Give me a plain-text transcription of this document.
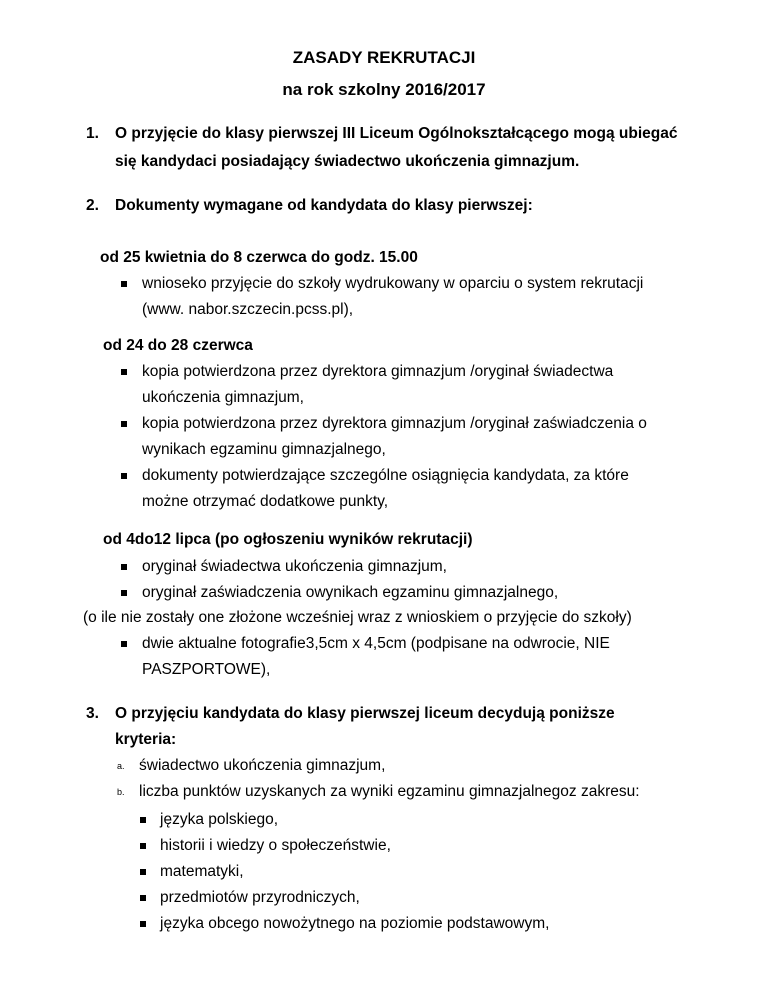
ZASADY REKRUTACJI
na rok szkolny 2016/2017
1. O przyjęcie do klasy pierwszej III Liceum Ogólnokształcącego mogą ubiegać
się kandydaci posiadający świadectwo ukończenia gimnazjum.
2. Dokumenty wymagane od kandydata do klasy pierwszej:
od 25 kwietnia do 8 czerwca do godz. 15.00
wnioseko przyjęcie do szkoły wydrukowany w oparciu o system rekrutacji
(www. nabor.szczecin.pcss.pl),
od 24 do 28 czerwca
kopia potwierdzona przez dyrektora gimnazjum /oryginał świadectwa
ukończenia gimnazjum,
kopia potwierdzona przez dyrektora gimnazjum /oryginał zaświadczenia o
wynikach egzaminu gimnazjalnego,
dokumenty potwierdzające szczególne osiągnięcia kandydata, za które
możne otrzymać dodatkowe punkty,
od 4do12 lipca (po ogłoszeniu wyników rekrutacji)
oryginał świadectwa ukończenia gimnazjum,
oryginał zaświadczenia owynikach egzaminu gimnazjalnego,
(o ile nie zostały one złożone wcześniej wraz z wnioskiem o przyjęcie do szkoły)
dwie aktualne fotografie3,5cm x 4,5cm (podpisane na odwrocie, NIE
PASZPORTOWE),
3. O przyjęciu kandydata do klasy pierwszej liceum decydują poniższe
kryteria:
a. świadectwo ukończenia gimnazjum,
b. liczba punktów uzyskanych za wyniki egzaminu gimnazjalnegoz zakresu:
języka polskiego,
historii i wiedzy o społeczeństwie,
matematyki,
przedmiotów przyrodniczych,
języka obcego nowożytnego na poziomie podstawowym,
